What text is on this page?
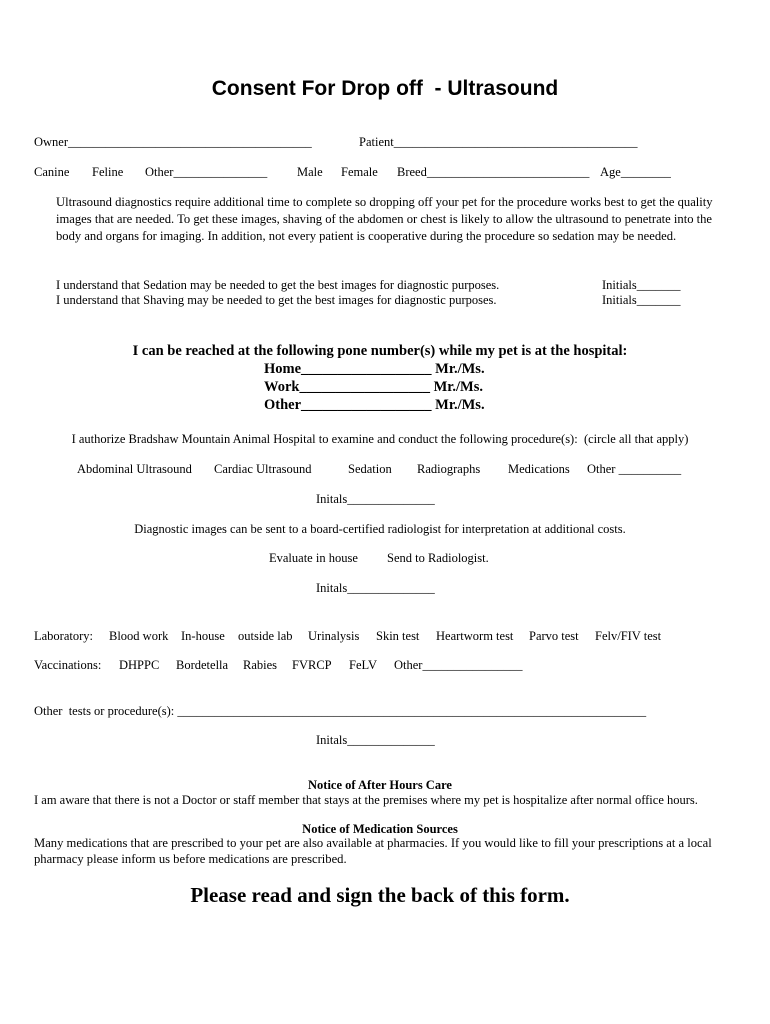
Consent For Drop off  - Ultrasound
Owner_______________________________________	Patient_______________________________________
Canine Feline Other_______________ Male Female Breed__________________________ Age________
Ultrasound diagnostics require additional time to complete so dropping off your pet for the procedure works best to get the quality images that are needed. To get these images, shaving of the abdomen or chest is likely to allow the ultrasound to penetrate into the body and organs for imaging. In addition, not every patient is cooperative during the procedure so sedation may be needed.
I understand that Sedation may be needed to get the best images for diagnostic purposes.	Initials_______
I understand that Shaving may be needed to get the best images for diagnostic purposes.	Initials_______
I can be reached at the following pone number(s) while my pet is at the hospital:
Home__________________ Mr./Ms.
Work__________________ Mr./Ms.
Other__________________ Mr./Ms.
I authorize Bradshaw Mountain Animal Hospital to examine and conduct the following procedure(s):  (circle all that apply)
Abdominal Ultrasound Cardiac Ultrasound	Sedation Radiographs Medications Other __________
Initals______________
Diagnostic images can be sent to a board-certified radiologist for interpretation at additional costs.
Evaluate in house Send to Radiologist.
Initals______________
Laboratory: Blood work In-house outside lab Urinalysis Skin test Heartworm test Parvo test Felv/FIV test
Vaccinations: DHPPC Bordetella Rabies FVRCP FeLV Other________________
Other  tests or procedure(s): ___________________________________________________________________________
Initals______________
Notice of After Hours Care
I am aware that there is not a Doctor or staff member that stays at the premises where my pet is hospitalize after normal office hours.
Notice of Medication Sources
Many medications that are prescribed to your pet are also available at pharmacies. If you would like to fill your prescriptions at a local pharmacy please inform us before medications are prescribed.
Please read and sign the back of this form.
